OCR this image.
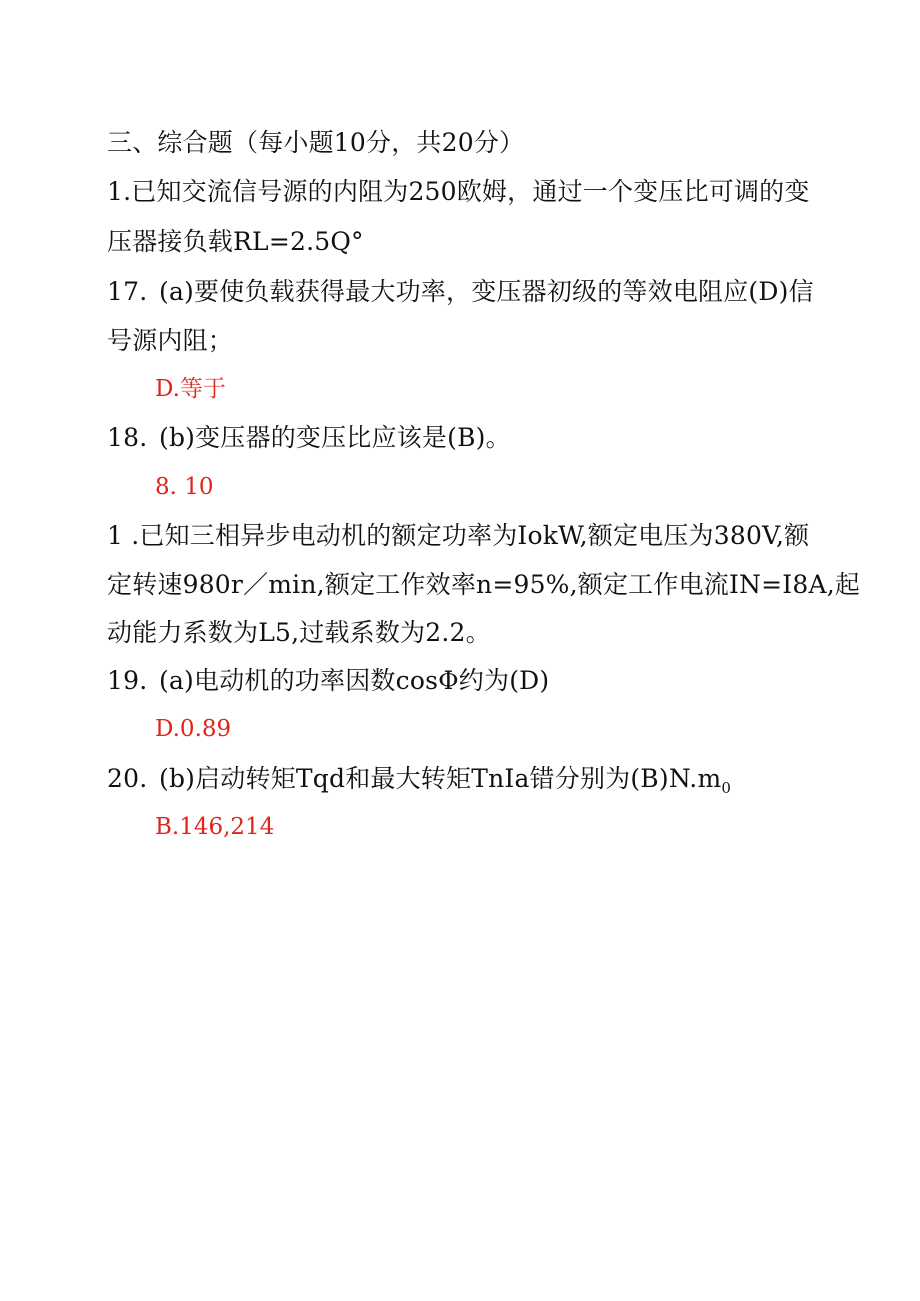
三、综合题（每小题10分，共20分）
1.已知交流信号源的内阻为250欧姆，通过一个变压比可调的变
压器接负载RL=2.5Q°
17. (a)要使负载获得最大功率，变压器初级的等效电阻应(D)信
号源内阻；
D.等于
18. (b)变压器的变压比应该是(B)。
8. 10
1 .已知三相异步电动机的额定功率为IokW,额定电压为380V,额
定转速980r／min,额定工作效率n=95%,额定工作电流IN=I8A,起
动能力系数为L5,过载系数为2.2。
19. (a)电动机的功率因数cosΦ约为(D)
D.0.89
20. (b)启动转矩Tqd和最大转矩TnIa错分别为$(B)N.m_0$
B.146,214
